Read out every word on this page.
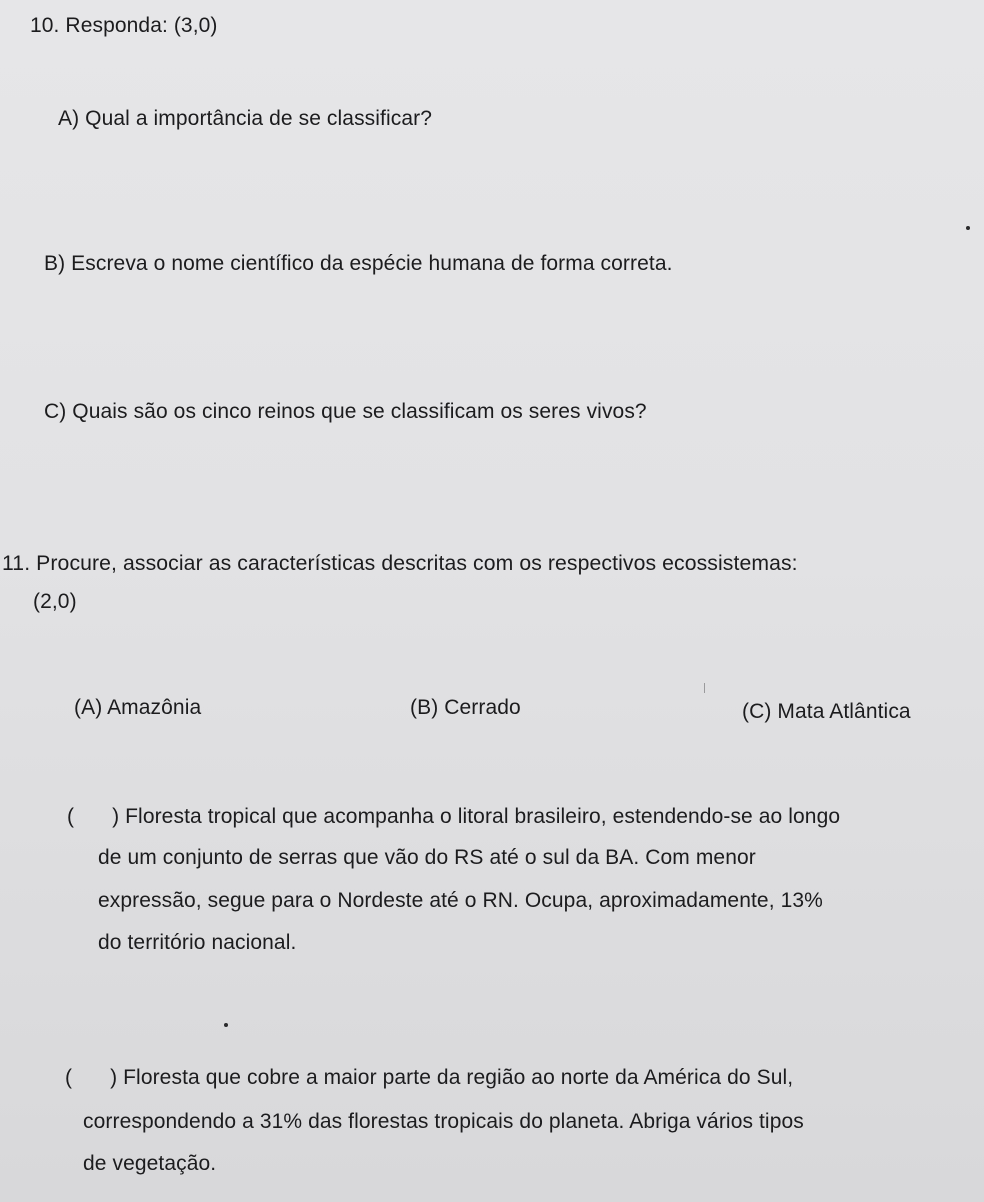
10. Responda: (3,0)
A) Qual a importância de se classificar?
B) Escreva o nome científico da espécie humana de forma correta.
C) Quais são os cinco reinos que se classificam os seres vivos?
11. Procure, associar as características descritas com os respectivos ecossistemas:
(2,0)
(A) Amazônia	(B) Cerrado	(C) Mata Atlântica
( ) Floresta tropical que acompanha o litoral brasileiro, estendendo-se ao longo
de um conjunto de serras que vão do RS até o sul da BA. Com menor
expressão, segue para o Nordeste até o RN. Ocupa, aproximadamente, 13%
do território nacional.
( ) Floresta que cobre a maior parte da região ao norte da América do Sul,
correspondendo a 31% das florestas tropicais do planeta. Abriga vários tipos
de vegetação.
